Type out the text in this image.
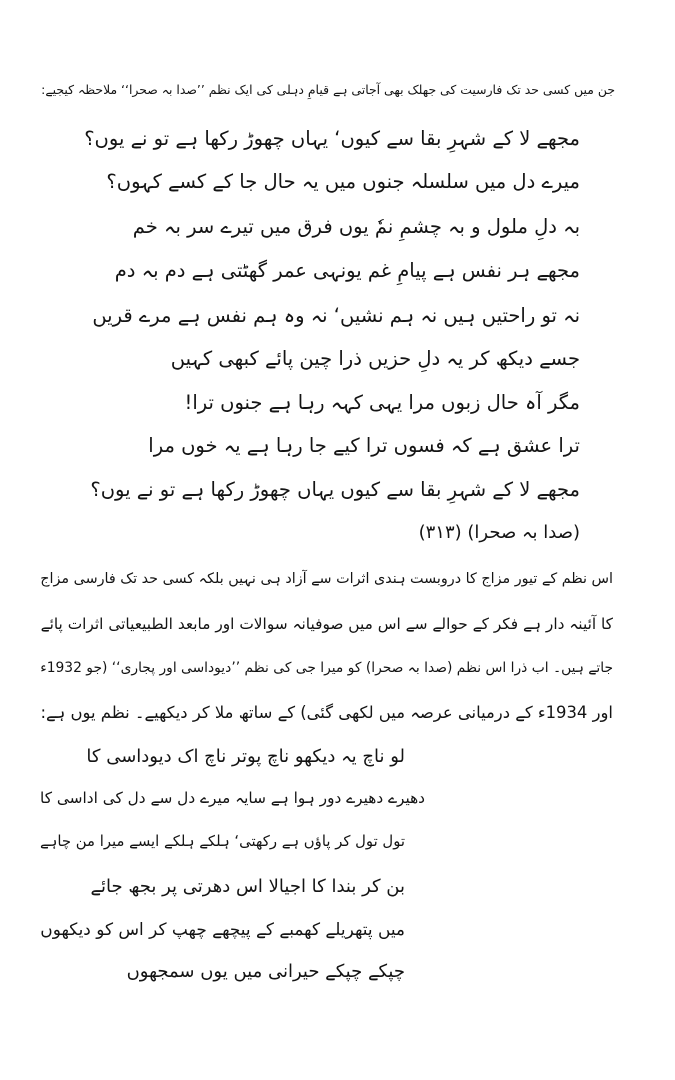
جن میں کسی حد تک فارسیت کی جھلک بھی آجاتی ہے قیامِ دہلی کی ایک نظم ’’صدا بہ صحرا‘‘ ملاحظہ کیجیے:
مجھے لا کے شہرِ بقا سے کیوں‘ یہاں چھوڑ رکھا ہے تو نے یوں؟
میرے دل میں سلسلہ جنوں میں یہ حال جا کے کسے کہوں؟
بہ دلِ ملول و بہ چشمِ نمٗ یوں فرق میں تیرے سر بہ خم
مجھے ہر نفس ہے پیامِ غم یونہی عمر گھٹتی ہے دم بہ دم
نہ تو راحتیں ہیں نہ ہم نشیں‘ نہ وہ ہم نفس ہے مرے قریں
جسے دیکھ کر یہ دلِ حزیں ذرا چین پائے کبھی کہیں
مگر آہ حال زبوں مرا یہی کہہ رہا ہے جنوں ترا!
ترا عشق ہے کہ فسوں ترا کیے جا رہا ہے یہ خوں مرا
مجھے لا کے شہرِ بقا سے کیوں یہاں چھوڑ رکھا ہے تو نے یوں؟
(صدا بہ صحرا) (۳۱۳)
اس نظم کے تیور مزاج کا دروبست ہندی اثرات سے آزاد ہی نہیں بلکہ کسی حد تک فارسی مزاج
کا آئینہ دار ہے فکر کے حوالے سے اس میں صوفیانہ سوالات اور مابعد الطبیعیاتی اثرات پائے
جاتے ہیں۔ اب ذرا اس نظم (صدا بہ صحرا) کو میرا جی کی نظم ’’دیوداسی اور پجاری‘‘ (جو 1932ء
اور 1934ء کے درمیانی عرصہ میں لکھی گئی) کے ساتھ ملا کر دیکھیے۔ نظم یوں ہے:
لو ناچ یہ دیکھو ناچ پوتر ناچ اک دیوداسی کا
دھیرے دھیرے دور ہوا ہے سایہ میرے دل سے دل کی اداسی کا
تول تول کر پاؤں ہے رکھتی‘ ہلکے ہلکے ایسے میرا من چاہے
بن کر بندا کا اجیالا اس دھرتی پر بجھ جائے
میں پتھریلے کھمبے کے پیچھے چھپ کر اس کو دیکھوں
چپکے چپکے حیرانی میں یوں سمجھوں
